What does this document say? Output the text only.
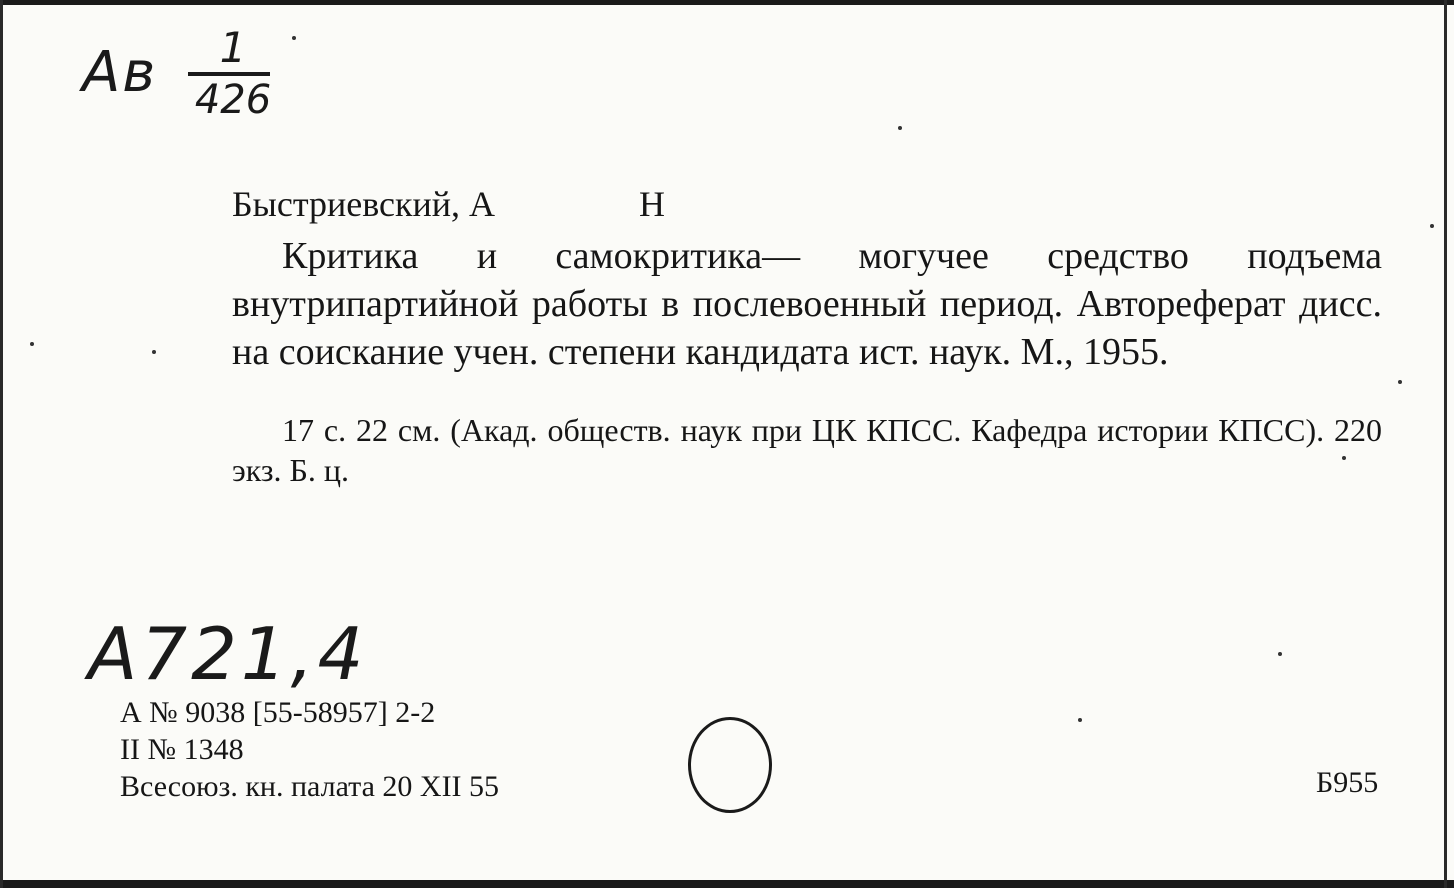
Ав	1
426
Быстриевский, А                Н
Критика и самокритика— могучее средство подъема внутрипартийной работы в послевоенный период. Автореферат дисс. на соискание учен. степени кандидата ист. наук. М., 1955.
17 с. 22 см. (Акад. обществ. наук при ЦК КПСС. Кафедра истории КПСС). 220 экз. Б. ц.
А721,4
А № 9038 [55-58957] 2-2
II № 1348
Всесоюз. кн. палата 20 XII 55	Б955
